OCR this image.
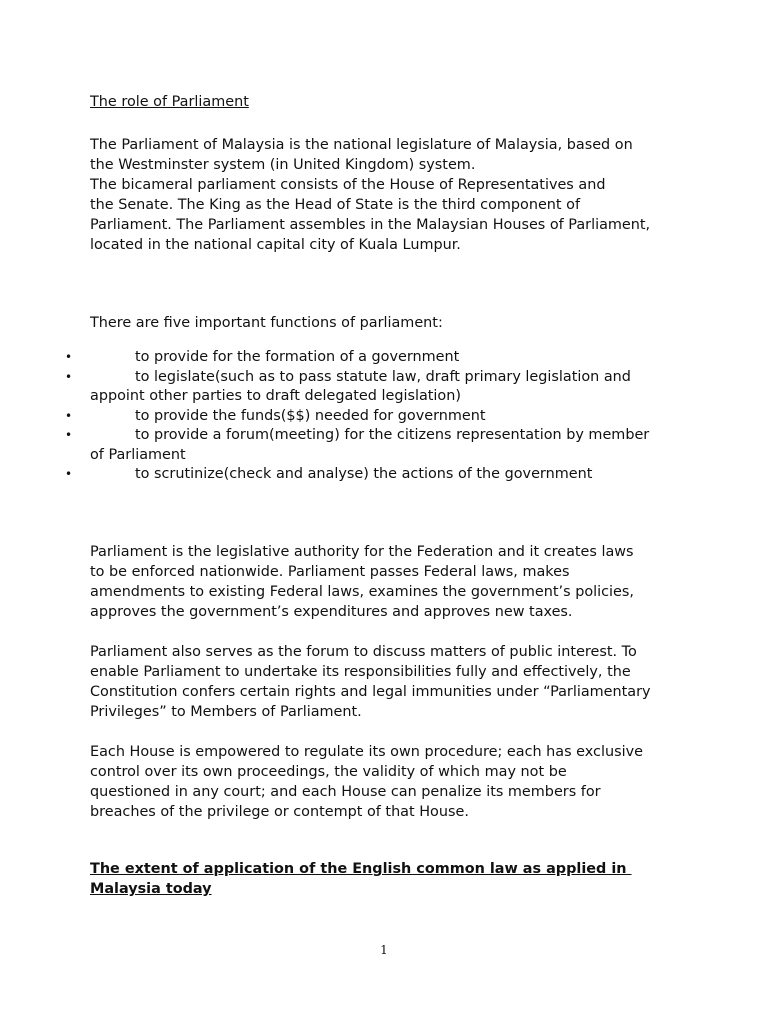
The role of Parliament

The Parliament of Malaysia is the national legislature of Malaysia, based on
the Westminster system (in United Kingdom) system.
The bicameral parliament consists of the House of Representatives and
the Senate. The King as the Head of State is the third component of
Parliament. The Parliament assembles in the Malaysian Houses of Parliament,
located in the national capital city of Kuala Lumpur.

There are five important functions of parliament:

•	to provide for the formation of a government
•	to legislate(such as to pass statute law, draft primary legislation and
appoint other parties to draft delegated legislation)
•	to provide the funds($$) needed for government
•	to provide a forum(meeting) for the citizens representation by member
of Parliament
•	to scrutinize(check and analyse) the actions of the government

Parliament is the legislative authority for the Federation and it creates laws
to be enforced nationwide. Parliament passes Federal laws, makes
amendments to existing Federal laws, examines the government’s policies,
approves the government’s expenditures and approves new taxes.

Parliament also serves as the forum to discuss matters of public interest. To
enable Parliament to undertake its responsibilities fully and effectively, the
Constitution confers certain rights and legal immunities under “Parliamentary
Privileges” to Members of Parliament.

Each House is empowered to regulate its own procedure; each has exclusive
control over its own proceedings, the validity of which may not be
questioned in any court; and each House can penalize its members for
breaches of the privilege or contempt of that House.

The extent of application of the English common law as applied in
Malaysia today

1
